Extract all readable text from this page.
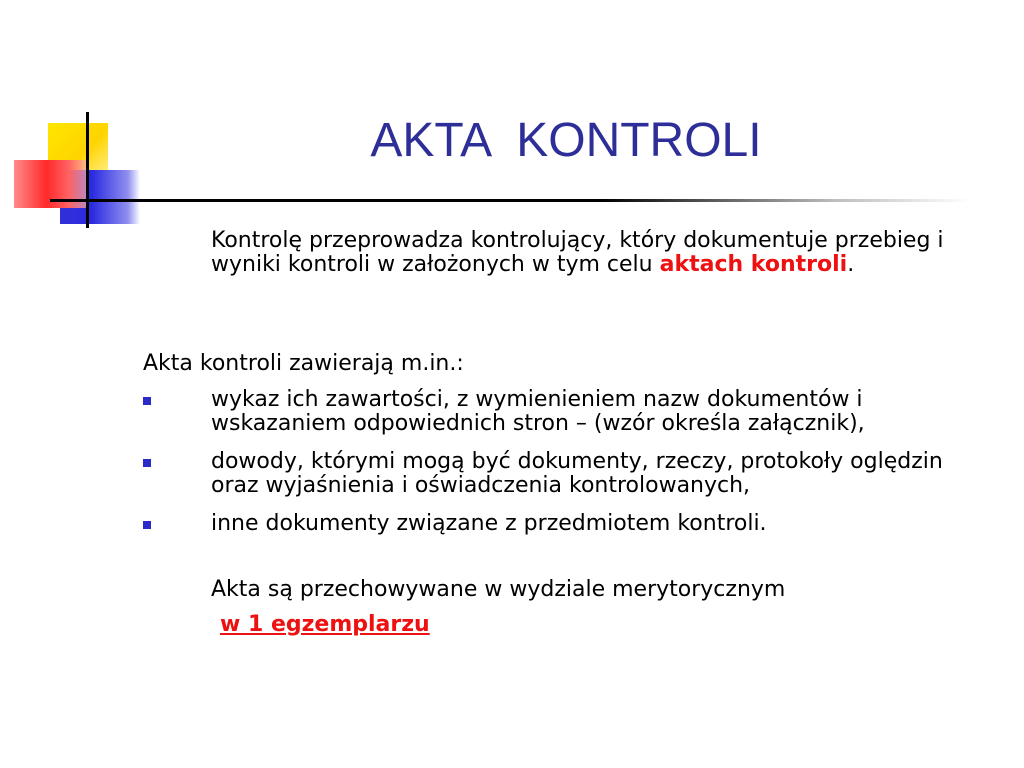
AKTA  KONTROLI
Kontrolę przeprowadza kontrolujący, który dokumentuje przebieg i wyniki kontroli w założonych w tym celu aktach kontroli.
Akta kontroli zawierają m.in.:
wykaz ich zawartości, z wymienieniem nazw dokumentów i wskazaniem odpowiednich stron – (wzór określa załącznik),
dowody, którymi mogą być dokumenty, rzeczy, protokoły oględzin oraz wyjaśnienia i oświadczenia kontrolowanych,
inne dokumenty związane z przedmiotem kontroli.
Akta są przechowywane w wydziale merytorycznym
w 1 egzemplarzu
